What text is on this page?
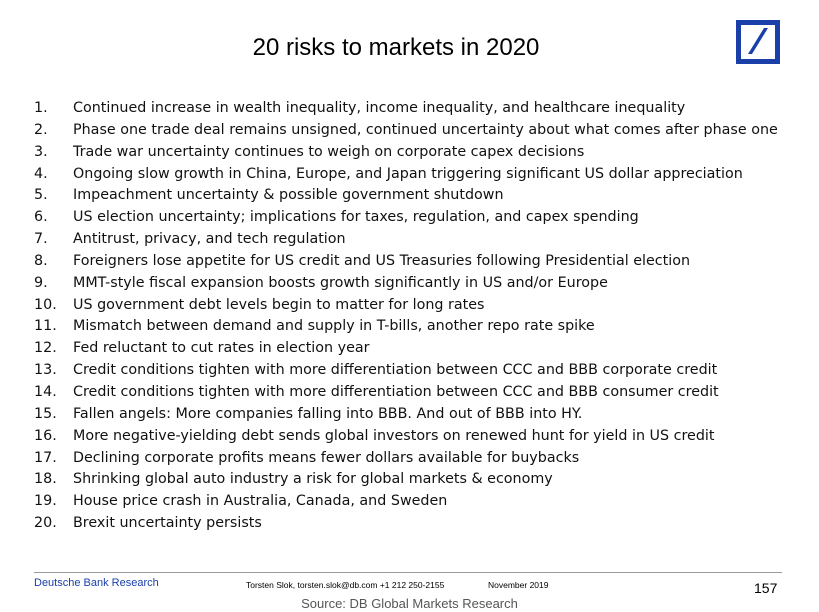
20 risks to markets in 2020
1. Continued increase in wealth inequality, income inequality, and healthcare inequality
2. Phase one trade deal remains unsigned, continued uncertainty about what comes after phase one
3. Trade war uncertainty continues to weigh on corporate capex decisions
4. Ongoing slow growth in China, Europe, and Japan triggering significant US dollar appreciation
5. Impeachment uncertainty & possible government shutdown
6. US election uncertainty; implications for taxes, regulation, and capex spending
7. Antitrust, privacy, and tech regulation
8. Foreigners lose appetite for US credit and US Treasuries following Presidential election
9. MMT-style fiscal expansion boosts growth significantly in US and/or Europe
10. US government debt levels begin to matter for long rates
11. Mismatch between demand and supply in T-bills, another repo rate spike
12. Fed reluctant to cut rates in election year
13. Credit conditions tighten with more differentiation between CCC and BBB corporate credit
14. Credit conditions tighten with more differentiation between CCC and BBB consumer credit
15. Fallen angels: More companies falling into BBB. And out of BBB into HY.
16. More negative-yielding debt sends global investors on renewed hunt for yield in US credit
17. Declining corporate profits means fewer dollars available for buybacks
18. Shrinking global auto industry a risk for global markets & economy
19. House price crash in Australia, Canada, and Sweden
20. Brexit uncertainty persists
Deutsche Bank Research	Torsten Slok, torsten.slok@db.com +1 212 250-2155	November 2019	157
Source: DB Global Markets Research
